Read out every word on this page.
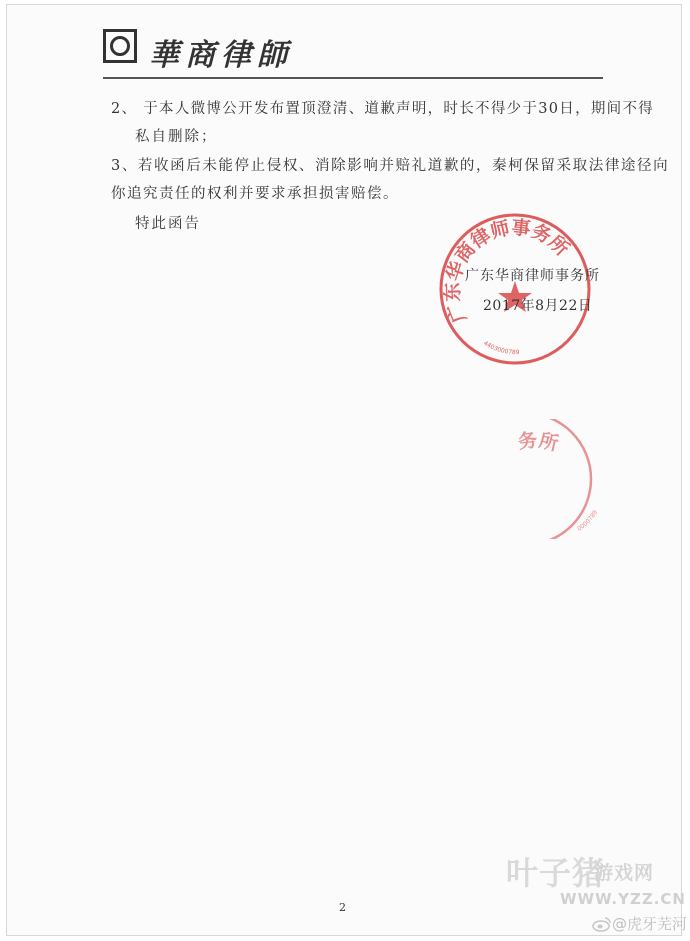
華商律師
2、 于本人微博公开发布置顶澄清、道歉声明，时长不得少于30日，期间不得
私自删除；
3、若收函后未能停止侵权、消除影响并赔礼道歉的，秦柯保留采取法律途径向
你追究责任的权利并要求承担损害赔偿。
特此函告
广东华商律师事务所
4403000789
广东华商律师事务所
2017年8月22日
务所
0000789
2
叶子猪
游戏网
WWW.YZZ.CN
@虎牙芜河
